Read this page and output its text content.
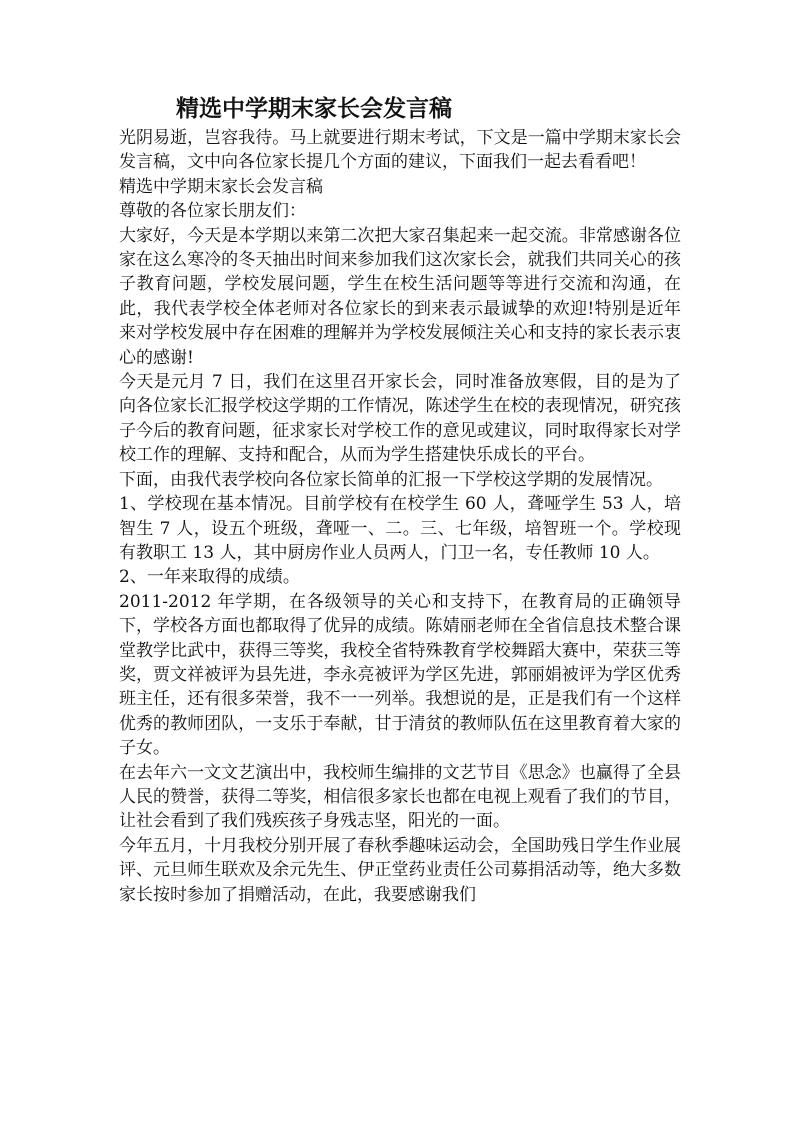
精选中学期末家长会发言稿

光阴易逝，岂容我待。马上就要进行期末考试，下文是一篇中学期末家长会发言稿，文中向各位家长提几个方面的建议，下面我们一起去看看吧！

精选中学期末家长会发言稿

尊敬的各位家长朋友们：

大家好，今天是本学期以来第二次把大家召集起来一起交流。非常感谢各位家在这么寒冷的冬天抽出时间来参加我们这次家长会，就我们共同关心的孩子教育问题，学校发展问题，学生在校生活问题等等进行交流和沟通，在此，我代表学校全体老师对各位家长的到来表示最诚挚的欢迎!特别是近年来对学校发展中存在困难的理解并为学校发展倾注关心和支持的家长表示衷心的感谢!

今天是元月 7 日，我们在这里召开家长会，同时准备放寒假，目的是为了向各位家长汇报学校这学期的工作情况，陈述学生在校的表现情况，研究孩子今后的教育问题，征求家长对学校工作的意见或建议，同时取得家长对学校工作的理解、支持和配合，从而为学生搭建快乐成长的平台。

下面，由我代表学校向各位家长简单的汇报一下学校这学期的发展情况。

1、学校现在基本情况。目前学校有在校学生 60 人，聋哑学生 53 人，培智生 7 人，设五个班级，聋哑一、二。三、七年级，培智班一个。学校现有教职工 13 人，其中厨房作业人员两人，门卫一名，专任教师 10 人。

2、一年来取得的成绩。

2011-2012 年学期，在各级领导的关心和支持下，在教育局的正确领导下，学校各方面也都取得了优异的成绩。陈婧丽老师在全省信息技术整合课堂教学比武中，获得三等奖，我校全省特殊教育学校舞蹈大赛中，荣获三等奖，贾文祥被评为县先进，李永亮被评为学区先进，郭丽娟被评为学区优秀班主任，还有很多荣誉，我不一一列举。我想说的是，正是我们有一个这样优秀的教师团队，一支乐于奉献，甘于清贫的教师队伍在这里教育着大家的子女。

在去年六一文文艺演出中，我校师生编排的文艺节目《思念》也赢得了全县人民的赞誉，获得二等奖，相信很多家长也都在电视上观看了我们的节目，让社会看到了我们残疾孩子身残志坚，阳光的一面。

今年五月，十月我校分别开展了春秋季趣味运动会，全国助残日学生作业展评、元旦师生联欢及余元先生、伊正堂药业责任公司募捐活动等，绝大多数家长按时参加了捐赠活动，在此，我要感谢我们
